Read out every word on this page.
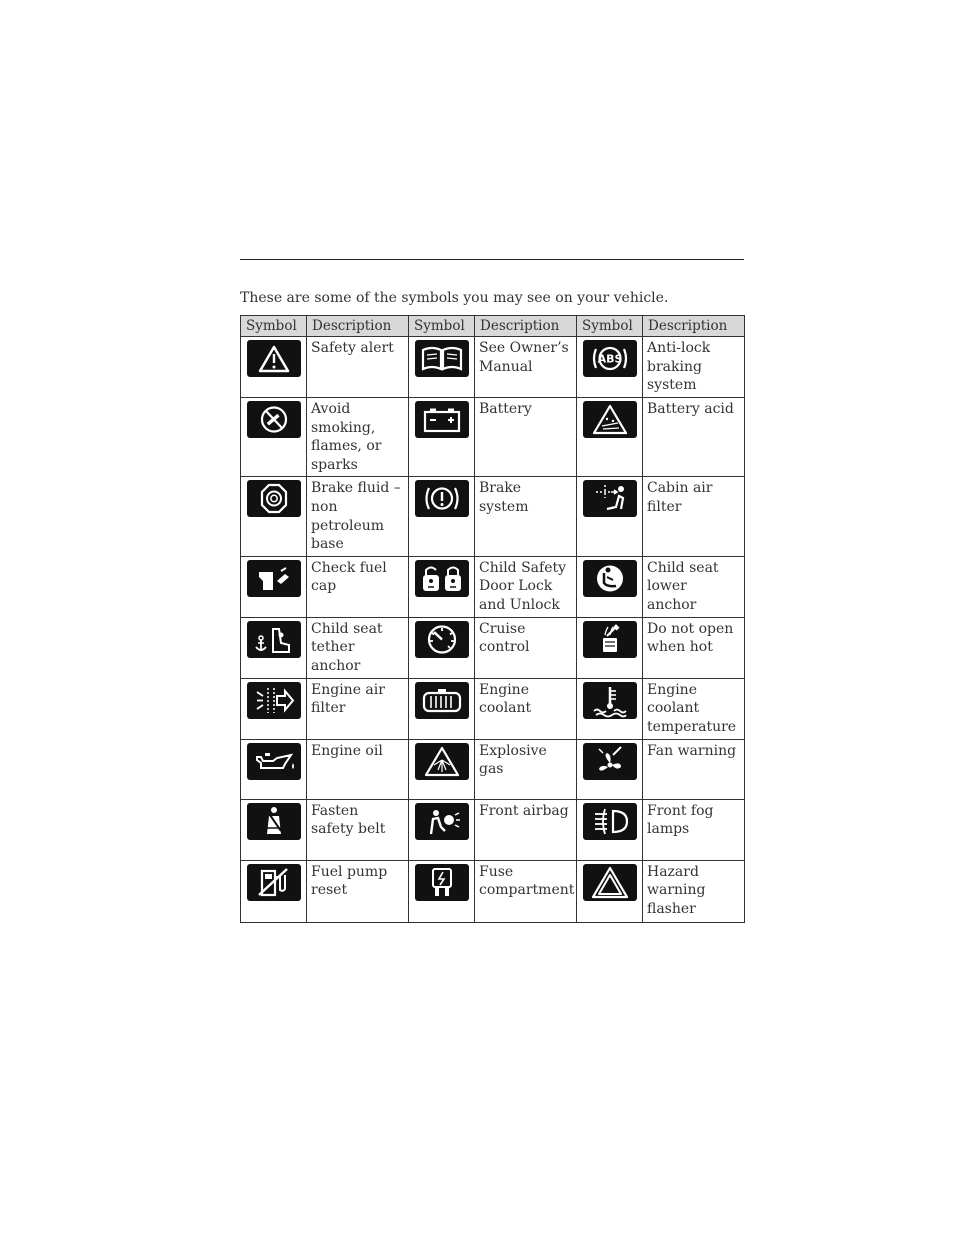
These are some of the symbols you may see on your vehicle.
Symbol	Description	Symbol	Description	Symbol	Description

	Safety alert		See Owner’s Manual	ABS	Anti-lock braking system

	Avoid smoking, flames, or sparks		Battery		Battery acid

	Brake fluid – non petroleum base		Brake system		Cabin air filter

	Check fuel cap		Child Safety Door Lock and Unlock		Child seat lower anchor

	Child seat tether anchor		Cruise control		Do not open when hot

	Engine air filter		Engine coolant		Engine coolant temperature

	Engine oil		Explosive gas		Fan warning

	Fasten safety belt		Front airbag		Front fog lamps

	Fuel pump reset		Fuse compartment		Hazard warning flasher
